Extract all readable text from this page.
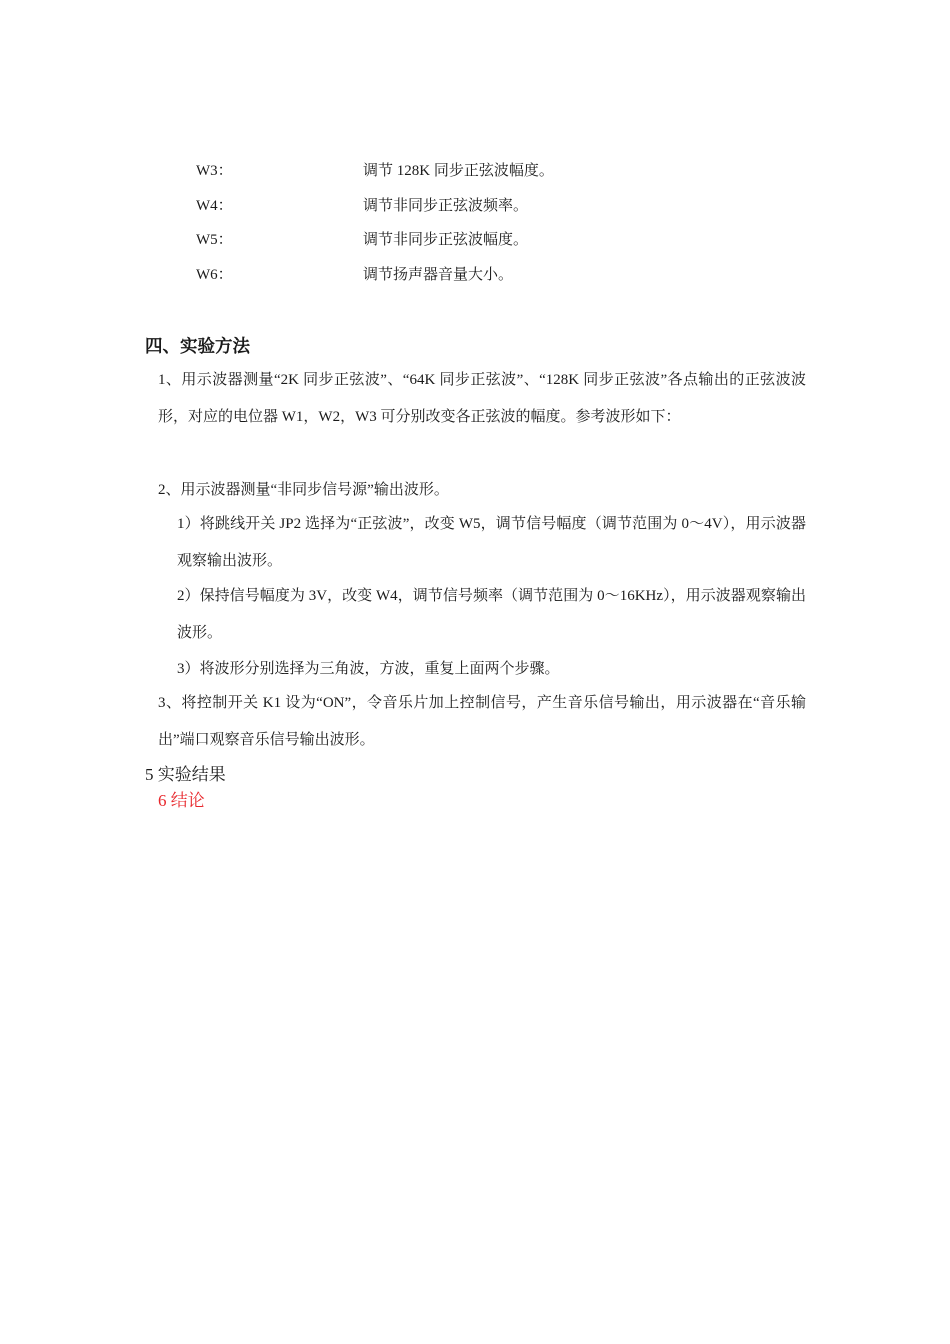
W3：	调节 128K 同步正弦波幅度。
W4：	调节非同步正弦波频率。
W5：	调节非同步正弦波幅度。
W6：	调节扬声器音量大小。
四、实验方法
1、用示波器测量“2K 同步正弦波”、“64K 同步正弦波”、“128K 同步正弦波”各点输出的正弦波波形，对应的电位器 W1，W2，W3 可分别改变各正弦波的幅度。参考波形如下：
2、用示波器测量“非同步信号源”输出波形。
1）将跳线开关 JP2 选择为“正弦波”，改变 W5，调节信号幅度（调节范围为 0～4V），用示波器观察输出波形。
2）保持信号幅度为 3V，改变 W4，调节信号频率（调节范围为 0～16KHz），用示波器观察输出波形。
3）将波形分别选择为三角波，方波，重复上面两个步骤。
3、将控制开关 K1 设为“ON”，令音乐片加上控制信号，产生音乐信号输出，用示波器在“音乐输出”端口观察音乐信号输出波形。
5 实验结果
6 结论
